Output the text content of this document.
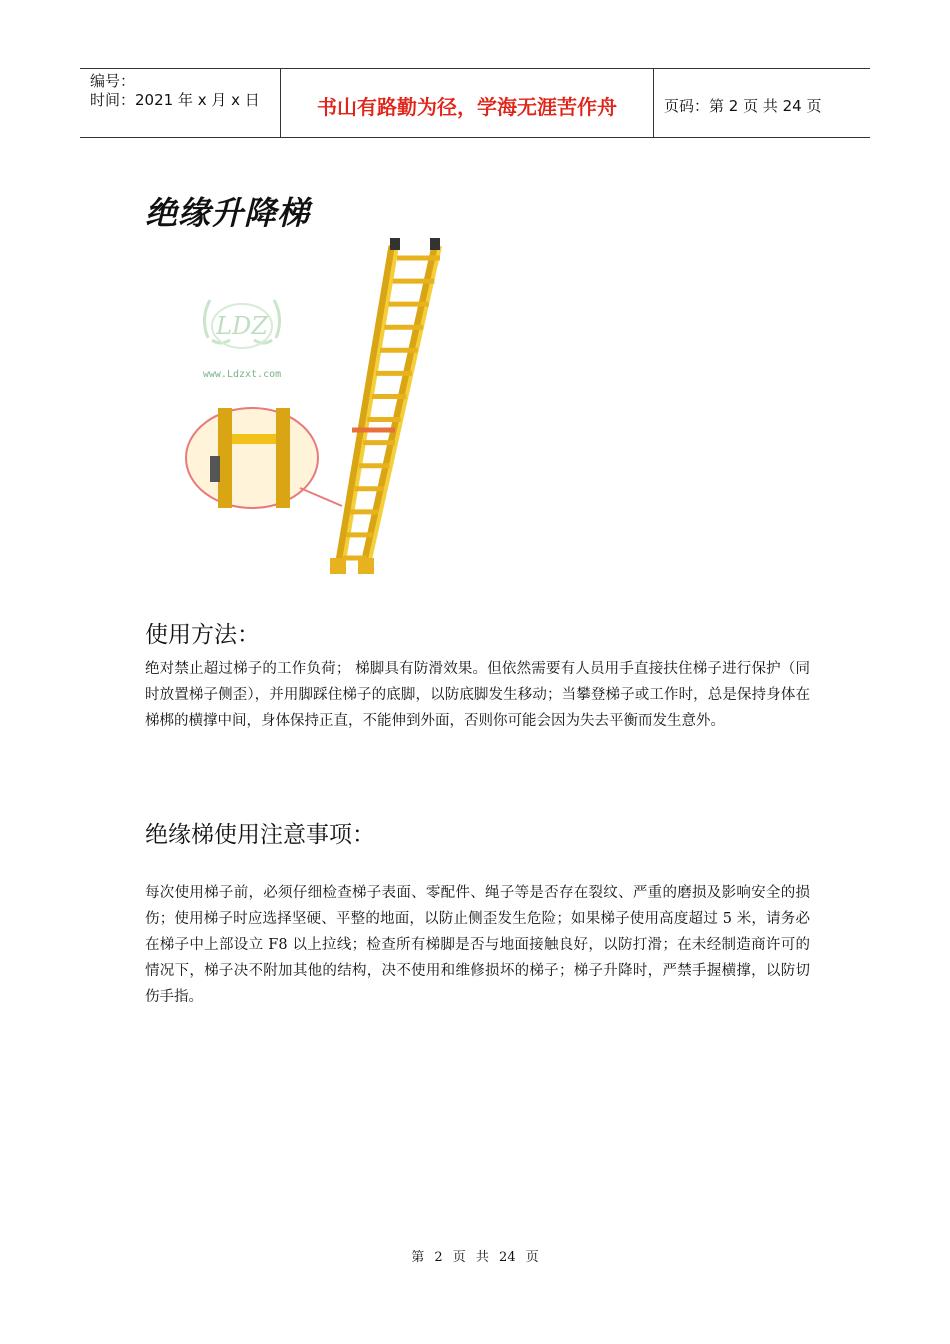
编号：
时间：2021 年 x 月 x 日	书山有路勤为径，学海无涯苦作舟	页码：第 2 页 共 24 页
绝缘升降梯
LDZ
www.Ldzxt.com
使用方法：

绝对禁止超过梯子的工作负荷； 梯脚具有防滑效果。但依然需要有人员用手直接扶住梯子进行保护（同时放置梯子侧歪），并用脚踩住梯子的底脚，以防底脚发生移动；当攀登梯子或工作时，总是保持身体在梯梆的横撑中间，身体保持正直，不能伸到外面，否则你可能会因为失去平衡而发生意外。

绝缘梯使用注意事项：

每次使用梯子前，必须仔细检查梯子表面、零配件、绳子等是否存在裂纹、严重的磨损及影响安全的损伤；使用梯子时应选择坚硬、平整的地面，以防止侧歪发生危险；如果梯子使用高度超过 5 米，请务必在梯子中上部设立 F8 以上拉线；检查所有梯脚是否与地面接触良好，以防打滑；在未经制造商许可的情况下，梯子决不附加其他的结构，决不使用和维修损坏的梯子；梯子升降时，严禁手握横撑，以防切伤手指。

第 2 页 共 24 页
